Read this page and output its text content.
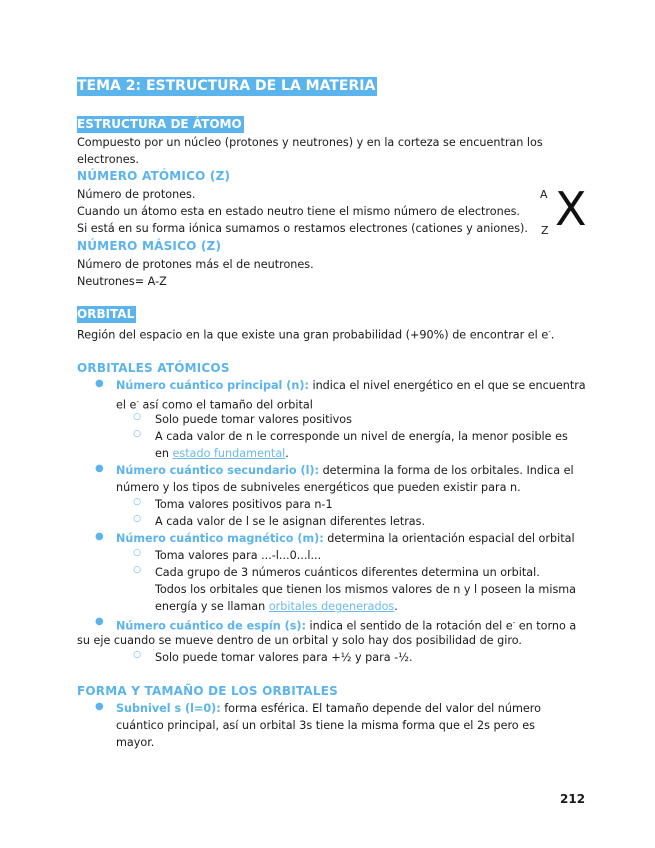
TEMA 2: ESTRUCTURA DE LA MATERIA
ESTRUCTURA DE ÁTOMO
Compuesto por un núcleo (protones y neutrones) y en la corteza se encuentran los
electrones.
NÚMERO ATÓMICO (Z)
Número de protones.
Cuando un átomo esta en estado neutro tiene el mismo número de electrones.
Si está en su forma iónica sumamos o restamos electrones (cationes y aniones).
A X
Z
NÚMERO MÁSICO (Z)
Número de protones más el de neutrones.
Neutrones= A-Z
ORBITAL
Región del espacio en la que existe una gran probabilidad (+90%) de encontrar el e-.
ORBITALES ATÓMICOS
● Número cuántico principal (n): indica el nivel energético en el que se encuentra
el e- así como el tamaño del orbital
○ Solo puede tomar valores positivos
○ A cada valor de n le corresponde un nivel de energía, la menor posible es
en estado fundamental.
● Número cuántico secundario (l): determina la forma de los orbitales. Indica el
número y los tipos de subniveles energéticos que pueden existir para n.
○ Toma valores positivos para n-1
○ A cada valor de l se le asignan diferentes letras.
● Número cuántico magnético (m): determina la orientación espacial del orbital
○ Toma valores para ...-l...0...l...
○ Cada grupo de 3 números cuánticos diferentes determina un orbital.
Todos los orbitales que tienen los mismos valores de n y l poseen la misma
energía y se llaman orbitales degenerados.
● Número cuántico de espín (s): indica el sentido de la rotación del e- en torno a
su eje cuando se mueve dentro de un orbital y solo hay dos posibilidad de giro.
○ Solo puede tomar valores para +½ y para -½.
FORMA Y TAMAÑO DE LOS ORBITALES
● Subnivel s (l=0): forma esférica. El tamaño depende del valor del número
cuántico principal, así un orbital 3s tiene la misma forma que el 2s pero es
mayor.
212
